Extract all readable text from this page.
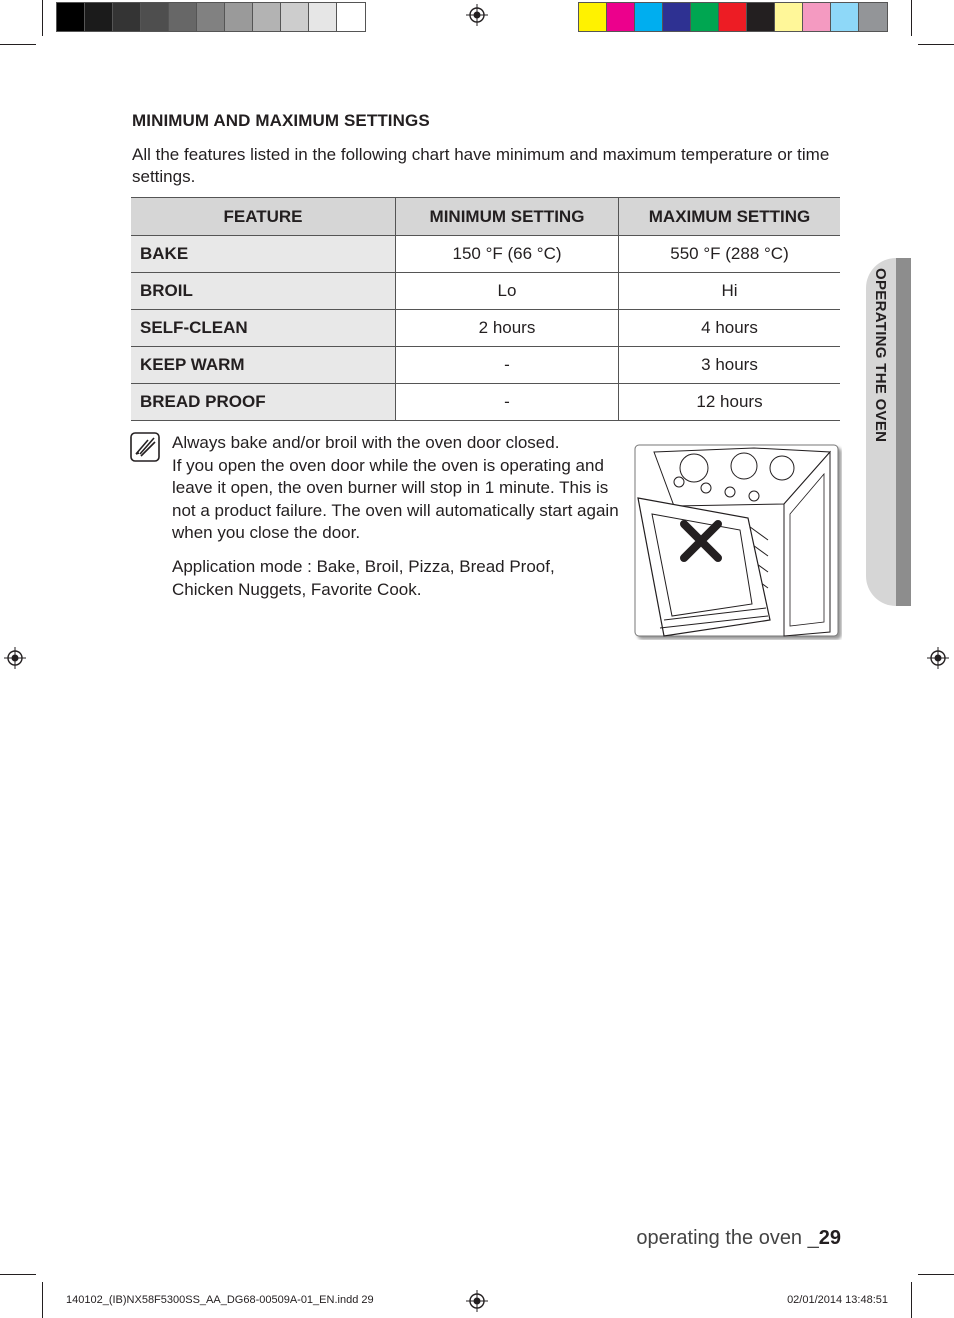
MINIMUM AND MAXIMUM SETTINGS
All the features listed in the following chart have minimum and maximum temperature or time settings.
FEATURE	MINIMUM SETTING	MAXIMUM SETTING
BAKE	150 °F (66 °C)	550 °F (288 °C)
BROIL	Lo	Hi
SELF-CLEAN	2 hours	4 hours
KEEP WARM	-	3 hours
BREAD PROOF	-	12 hours

Always bake and/or broil with the oven door closed.

If you open the oven door while the oven is operating and leave it open, the oven burner will stop in 1 minute. This is not a product failure. The oven will automatically start again when you close the door.

Application mode : Bake, Broil, Pizza, Bread Proof, Chicken Nuggets, Favorite Cook.
OPERATING THE OVEN
operating the oven _29
140102_(IB)NX58F5300SS_AA_DG68-00509A-01_EN.indd 29	02/01/2014 13:48:51
